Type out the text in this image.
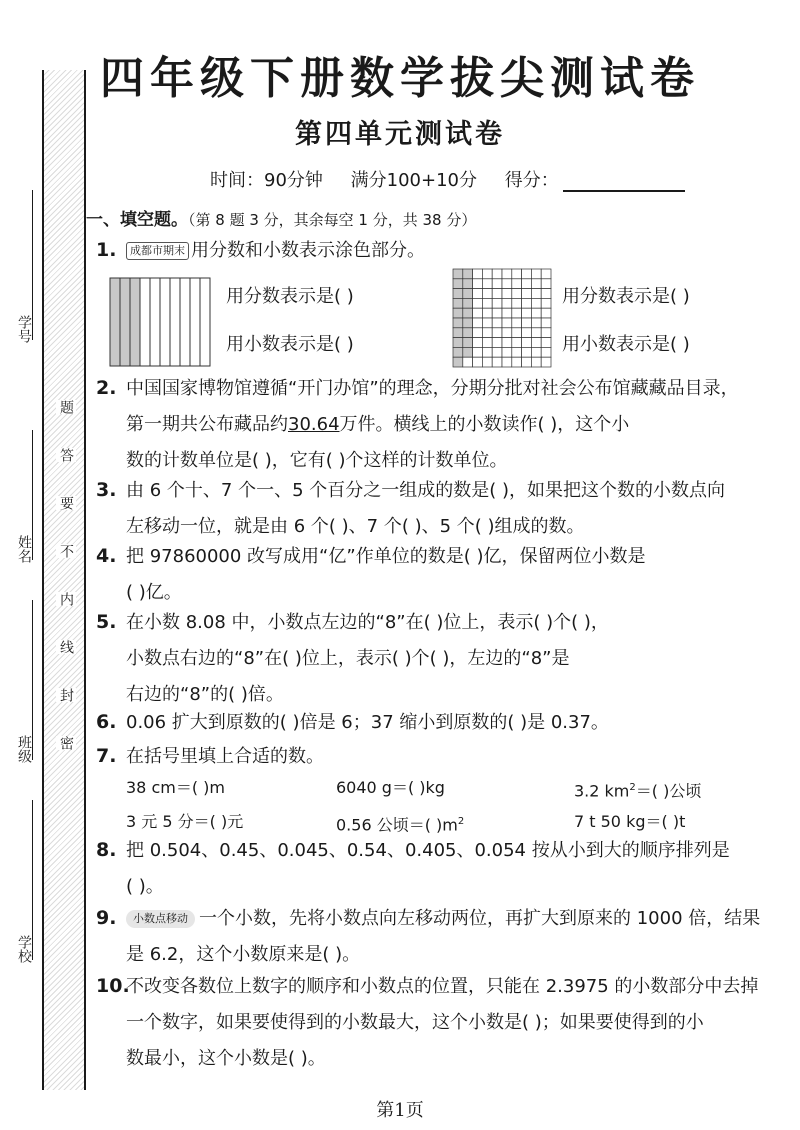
学号
姓名
班级
学校
题
答
要
不
内
线
封
密
四年级下册数学拔尖测试卷
第四单元测试卷
时间：90分钟 满分100+10分 得分：
一、填空题。（第 8 题 3 分，其余每空 1 分，共 38 分）
1. 成都市期末 用分数和小数表示涂色部分。
用分数表示是( )
用小数表示是( )
用分数表示是( )
用小数表示是( )
2. 中国国家博物馆遵循“开门办馆”的理念，分期分批对社会公布馆藏藏品目录，
第一期共公布藏品约30.64万件。横线上的小数读作( )，这个小
数的计数单位是( )，它有( )个这样的计数单位。
3. 由 6 个十、7 个一、5 个百分之一组成的数是( )，如果把这个数的小数点向
左移动一位，就是由 6 个( )、7 个( )、5 个( )组成的数。
4. 把 97860000 改写成用“亿”作单位的数是( )亿，保留两位小数是
( )亿。
5. 在小数 8.08 中，小数点左边的“8”在( )位上，表示( )个( )，
小数点右边的“8”在( )位上，表示( )个( )，左边的“8”是
右边的“8”的( )倍。
6. 0.06 扩大到原数的( )倍是 6；37 缩小到原数的( )是 0.37。
7. 在括号里填上合适的数。
38 cm＝( )m	6040 g＝( )kg	3.2 $km^2=$( )公顷
3 元 5 分＝( )元	0.56 公顷＝( )$m^2$	7 t 50 kg＝( )t
8. 把 0.504、0.45、0.045、0.54、0.405、0.054 按从小到大的顺序排列是
( )。
9. 小数点移动 一个小数，先将小数点向左移动两位，再扩大到原来的 1000 倍，结果
是 6.2，这个小数原来是( )。
10.不改变各数位上数字的顺序和小数点的位置，只能在 2.3975 的小数部分中去掉
一个数字，如果要使得到的小数最大，这个小数是( )；如果要使得到的小
数最小，这个小数是( )。
第1页
